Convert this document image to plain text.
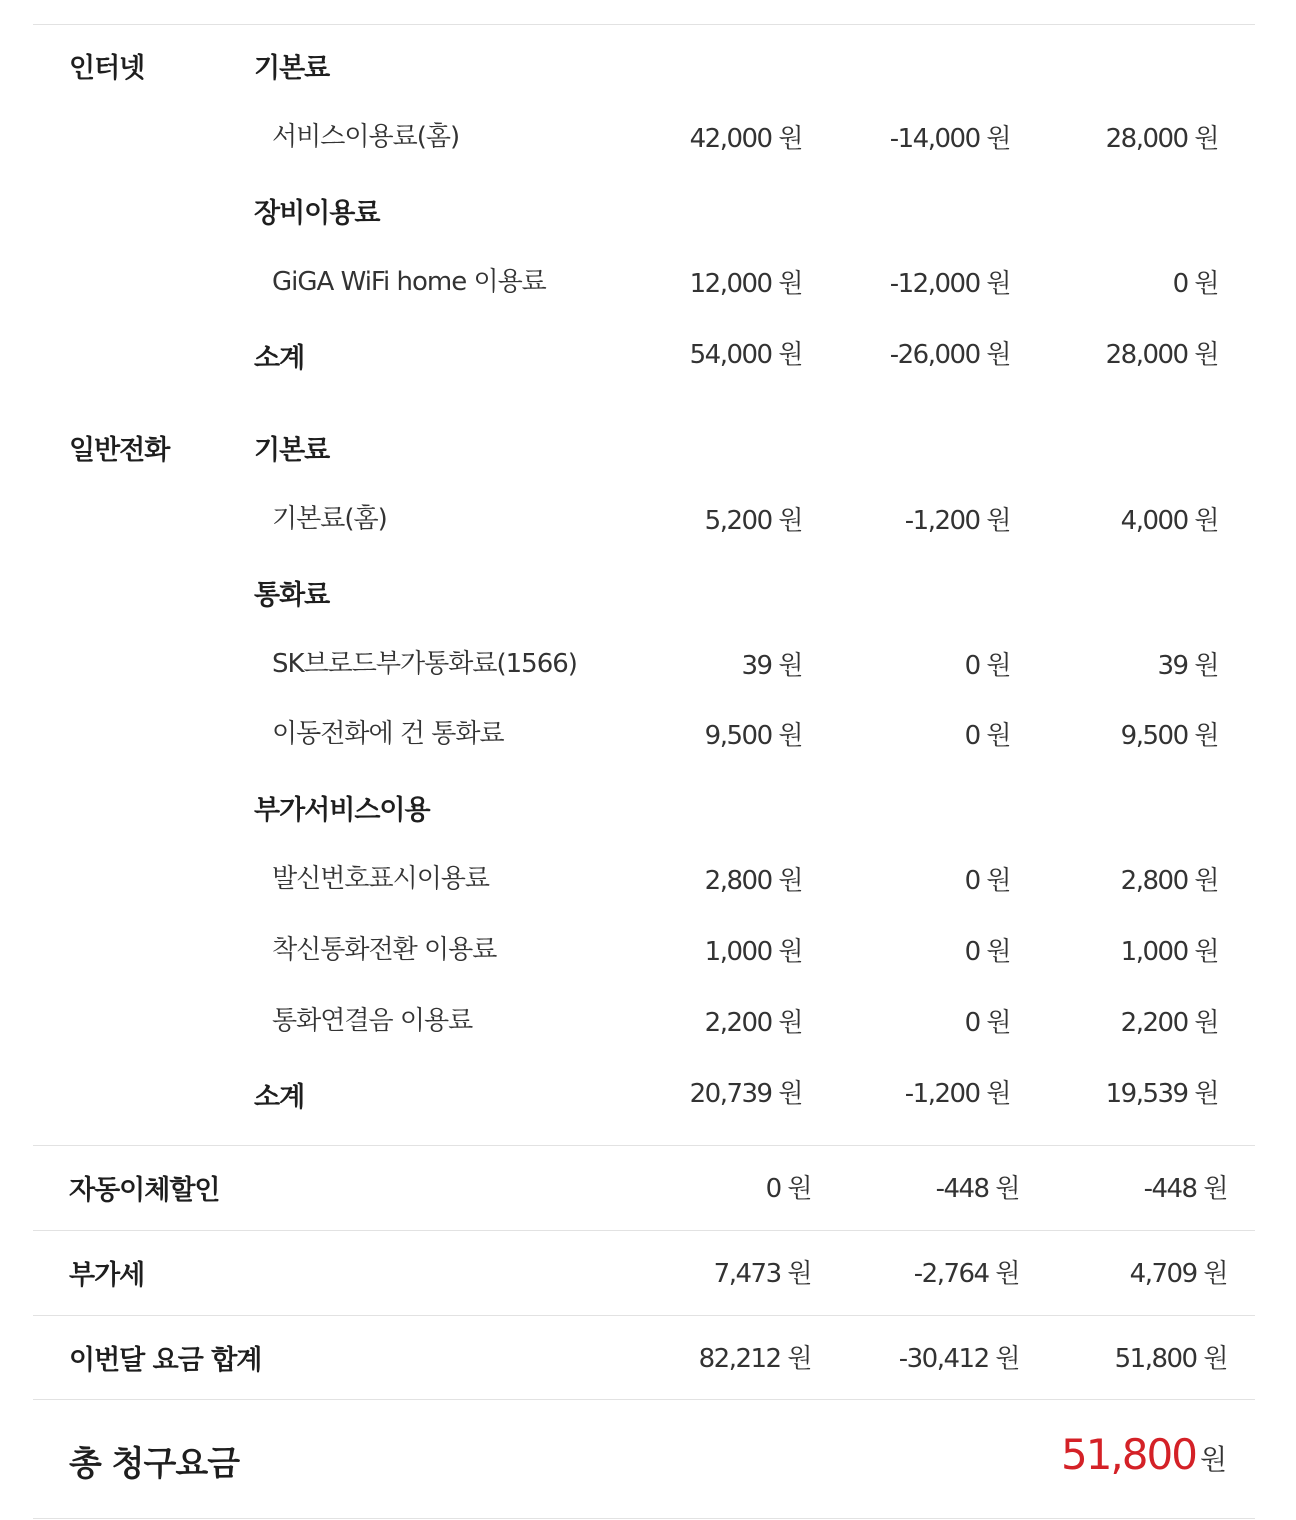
인터넷	기본료
서비스이용료(홈)	42,000 원	-14,000 원	28,000 원
장비이용료
GiGA WiFi home 이용료	12,000 원	-12,000 원	0 원
소계	54,000 원	-26,000 원	28,000 원
일반전화	기본료
기본료(홈)	5,200 원	-1,200 원	4,000 원
통화료
SK브로드부가통화료(1566)	39 원	0 원	39 원
이동전화에 건 통화료	9,500 원	0 원	9,500 원
부가서비스이용
발신번호표시이용료	2,800 원	0 원	2,800 원
착신통화전환 이용료	1,000 원	0 원	1,000 원
통화연결음 이용료	2,200 원	0 원	2,200 원
소계	20,739 원	-1,200 원	19,539 원
자동이체할인	0 원	-448 원	-448 원
부가세	7,473 원	-2,764 원	4,709 원
이번달 요금 합계	82,212 원	-30,412 원	51,800 원
총 청구요금	51,800 원
